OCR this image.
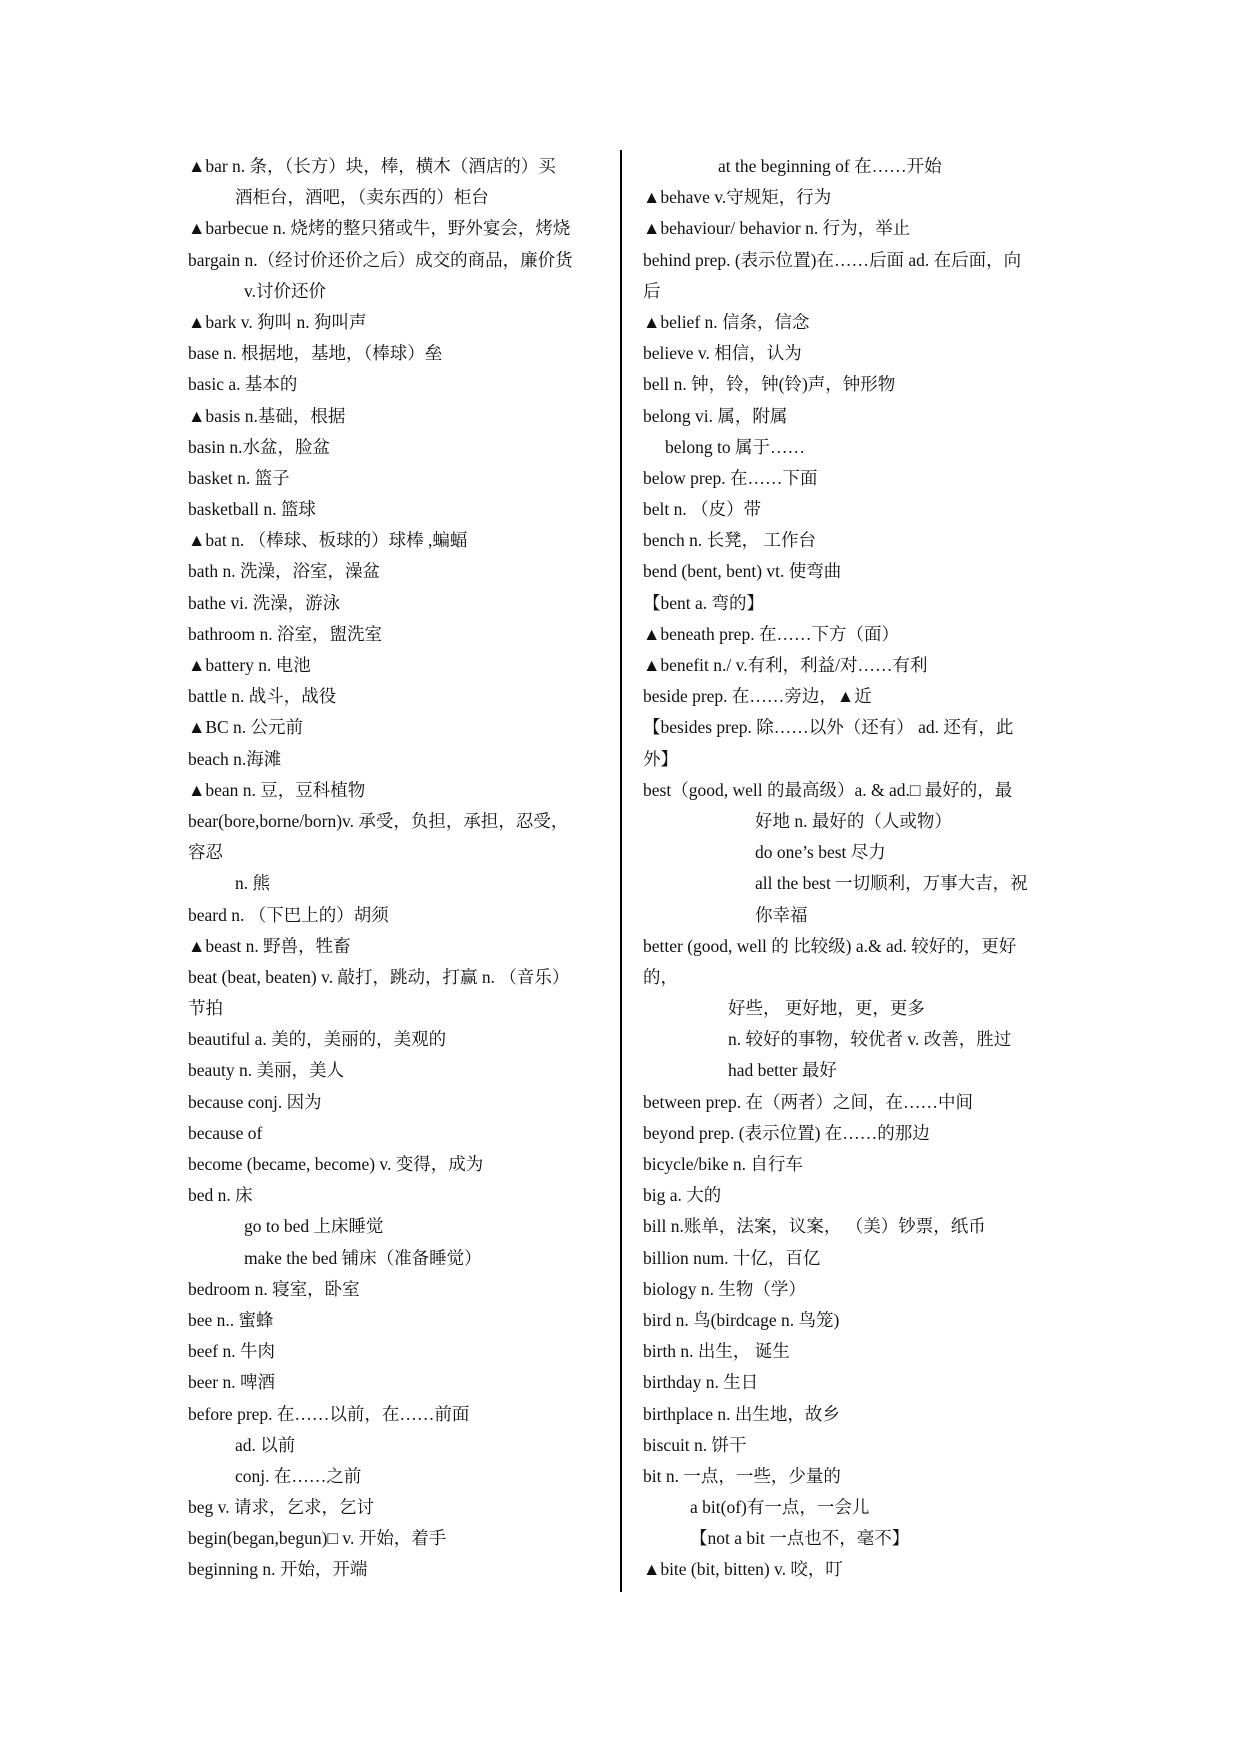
▲bar n. 条，（长方）块，棒，横木（酒店的）买
酒柜台，酒吧，（卖东西的）柜台
▲barbecue n. 烧烤的整只猪或牛，野外宴会，烤烧
bargain n.（经讨价还价之后）成交的商品，廉价货
v.讨价还价
▲bark v. 狗叫 n. 狗叫声
base n. 根据地，基地，（棒球）垒
basic a. 基本的
▲basis n.基础，根据
basin n.水盆，脸盆
basket n. 篮子
basketball n. 篮球
▲bat n. （棒球、板球的）球棒 ,蝙蝠
bath n. 洗澡，浴室，澡盆
bathe vi. 洗澡，游泳
bathroom n. 浴室，盥洗室
▲battery n. 电池
battle n. 战斗，战役
▲BC n. 公元前
beach n.海滩
▲bean n. 豆，豆科植物
bear(bore,borne/born)v. 承受，负担，承担，忍受，
容忍
n. 熊
beard n. （下巴上的）胡须
▲beast n. 野兽，牲畜
beat (beat, beaten) v. 敲打，跳动，打赢 n. （音乐）
节拍
beautiful a. 美的，美丽的，美观的
beauty n. 美丽，美人
because conj. 因为
because of
become (became, become) v. 变得，成为
bed n. 床
go to bed 上床睡觉
make the bed 铺床（准备睡觉）
bedroom n. 寝室，卧室
bee n.. 蜜蜂
beef n. 牛肉
beer n. 啤酒
before prep. 在……以前，在……前面
ad. 以前
conj. 在……之前
beg v. 请求，乞求，乞讨
begin(began,begun)□ v. 开始，着手
beginning n. 开始，开端
at the beginning of 在……开始
▲behave v.守规矩，行为
▲behaviour/ behavior n. 行为，举止
behind prep. (表示位置)在……后面 ad. 在后面，向
后
▲belief n. 信条，信念
believe v. 相信，认为
bell n. 钟，铃，钟(铃)声，钟形物
belong vi. 属，附属
belong to 属于……
below prep. 在……下面
belt n. （皮）带
bench n. 长凳， 工作台
bend (bent, bent) vt. 使弯曲
【bent a. 弯的】
▲beneath prep. 在……下方（面）
▲benefit n./ v.有利，利益/对……有利
beside prep. 在……旁边，▲近
【besides prep. 除……以外（还有） ad. 还有，此
外】
best（good, well 的最高级）a. & ad.□ 最好的，最
好地 n. 最好的（人或物）
do one’s best 尽力
all the best 一切顺利，万事大吉，祝
你幸福
better (good, well 的 比较级) a.& ad. 较好的，更好
的，
好些， 更好地，更，更多
n. 较好的事物，较优者 v. 改善，胜过
had better 最好
between prep. 在（两者）之间，在……中间
beyond prep. (表示位置) 在……的那边
bicycle/bike n. 自行车
big a. 大的
bill n.账单，法案，议案， （美）钞票，纸币
billion num. 十亿，百亿
biology n. 生物（学）
bird n. 鸟(birdcage n. 鸟笼)
birth n. 出生， 诞生
birthday n. 生日
birthplace n. 出生地，故乡
biscuit n. 饼干
bit n. 一点，一些，少量的
a bit(of)有一点，一会儿
【not a bit 一点也不，毫不】
▲bite (bit, bitten) v. 咬，叮
